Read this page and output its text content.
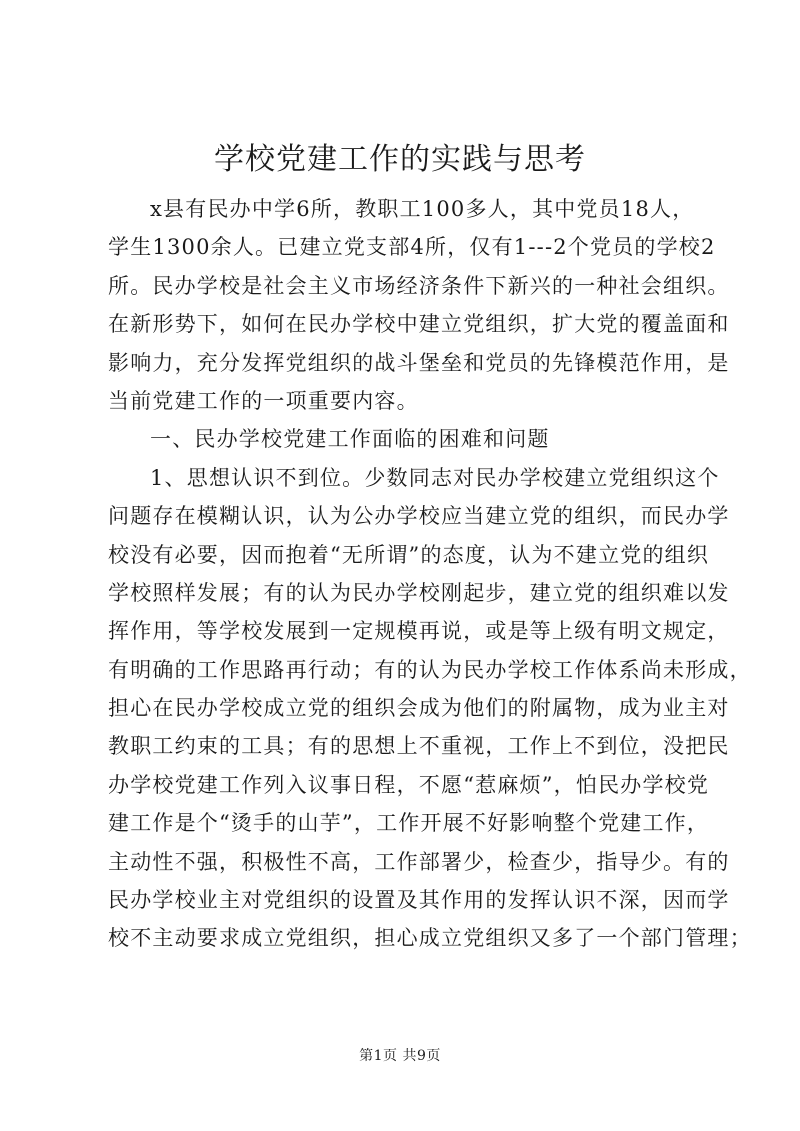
学校党建工作的实践与思考
x县有民办中学6所，教职工100多人，其中党员18人，
学生1300余人。已建立党支部4所，仅有1---2个党员的学校2
所。民办学校是社会主义市场经济条件下新兴的一种社会组织。
在新形势下，如何在民办学校中建立党组织，扩大党的覆盖面和
影响力，充分发挥党组织的战斗堡垒和党员的先锋模范作用，是
当前党建工作的一项重要内容。
一、民办学校党建工作面临的困难和问题
1、思想认识不到位。少数同志对民办学校建立党组织这个
问题存在模糊认识，认为公办学校应当建立党的组织，而民办学
校没有必要，因而抱着“无所谓”的态度，认为不建立党的组织
学校照样发展；有的认为民办学校刚起步，建立党的组织难以发
挥作用，等学校发展到一定规模再说，或是等上级有明文规定，
有明确的工作思路再行动；有的认为民办学校工作体系尚未形成，
担心在民办学校成立党的组织会成为他们的附属物，成为业主对
教职工约束的工具；有的思想上不重视，工作上不到位，没把民
办学校党建工作列入议事日程，不愿“惹麻烦”，怕民办学校党
建工作是个“烫手的山芋”，工作开展不好影响整个党建工作，
主动性不强，积极性不高，工作部署少，检查少，指导少。有的
民办学校业主对党组织的设置及其作用的发挥认识不深，因而学
校不主动要求成立党组织，担心成立党组织又多了一个部门管理；
第1页 共9页
